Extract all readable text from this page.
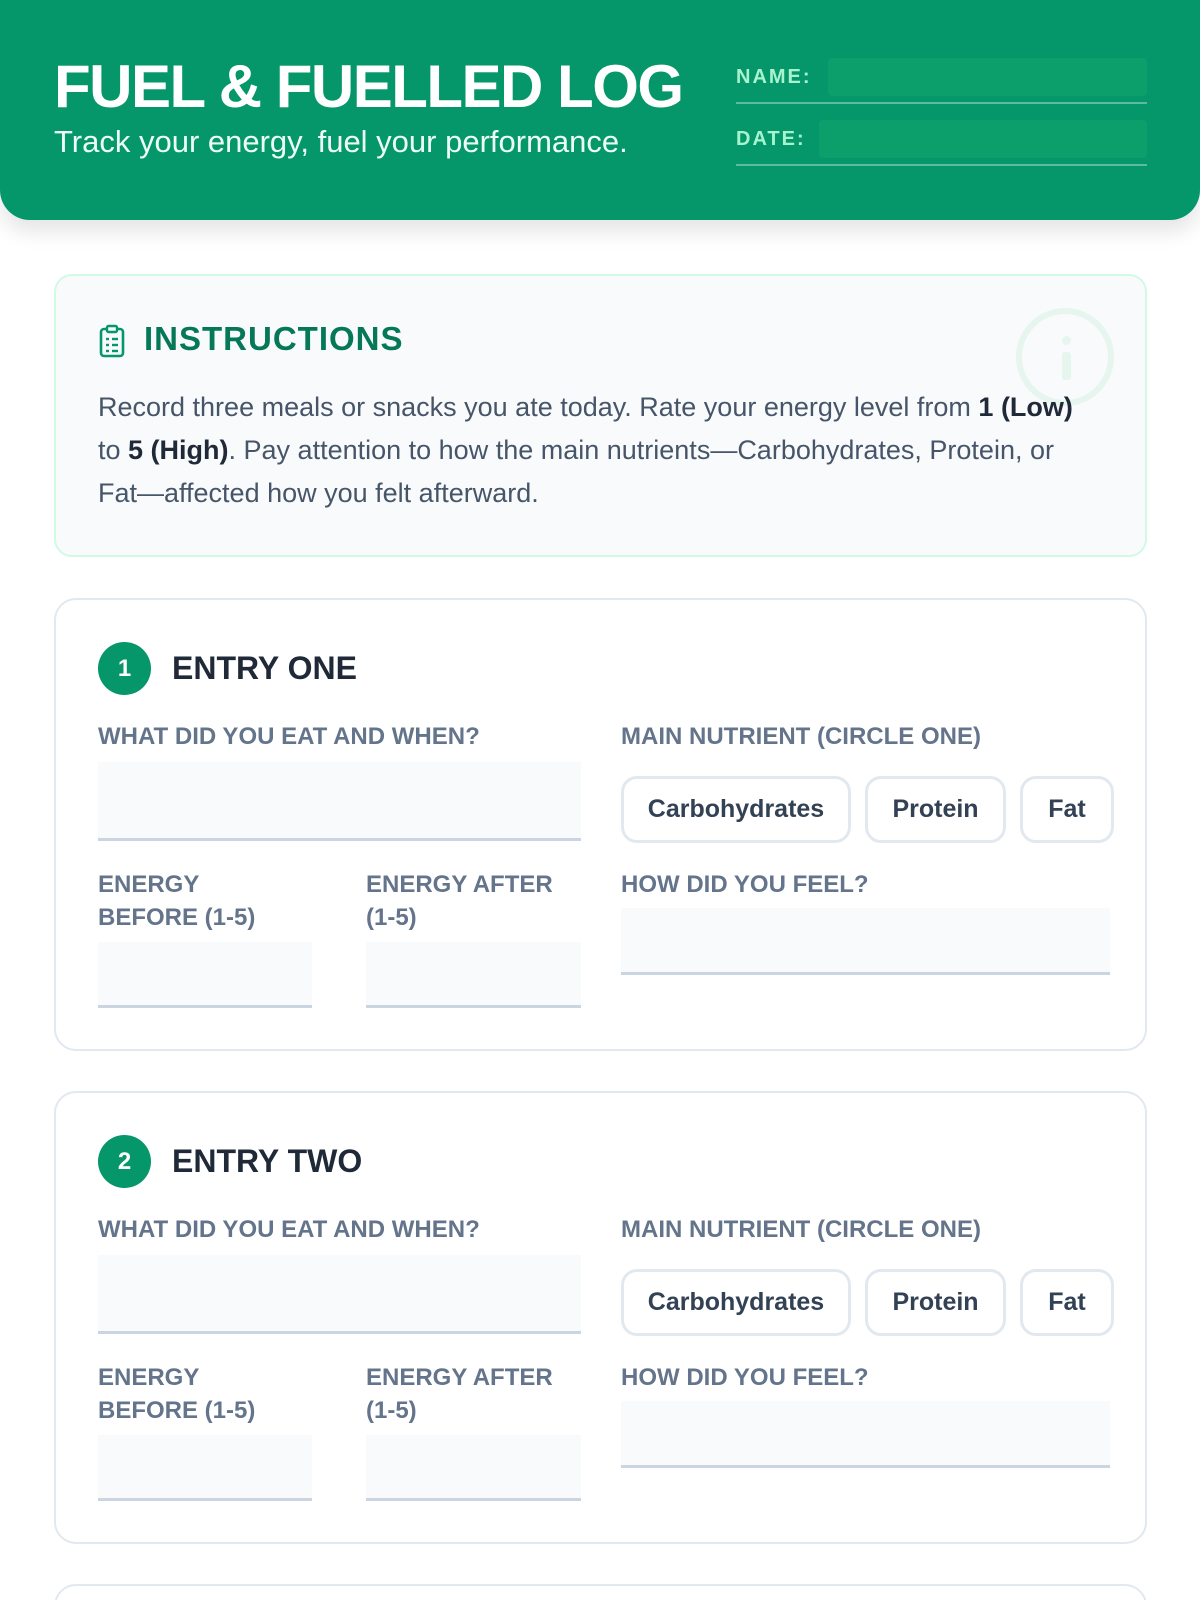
FUEL & FUELLED LOG
Track your energy, fuel your performance.
NAME:
DATE:
INSTRUCTIONS

Record three meals or snacks you ate today. Rate your energy level from 1 (Low) to 5 (High). Pay attention to how the main nutrients—Carbohydrates, Protein, or Fat—affected how you felt afterward.

1	ENTRY ONE
WHAT DID YOU EAT AND WHEN?	MAIN NUTRIENT (CIRCLE ONE)
Carbohydrates	Protein	Fat
ENERGY BEFORE (1-5)
ENERGY AFTER (1-5)
HOW DID YOU FEEL?
2	ENTRY TWO
WHAT DID YOU EAT AND WHEN?	MAIN NUTRIENT (CIRCLE ONE)
Carbohydrates	Protein	Fat
ENERGY BEFORE (1-5)
ENERGY AFTER (1-5)
HOW DID YOU FEEL?
